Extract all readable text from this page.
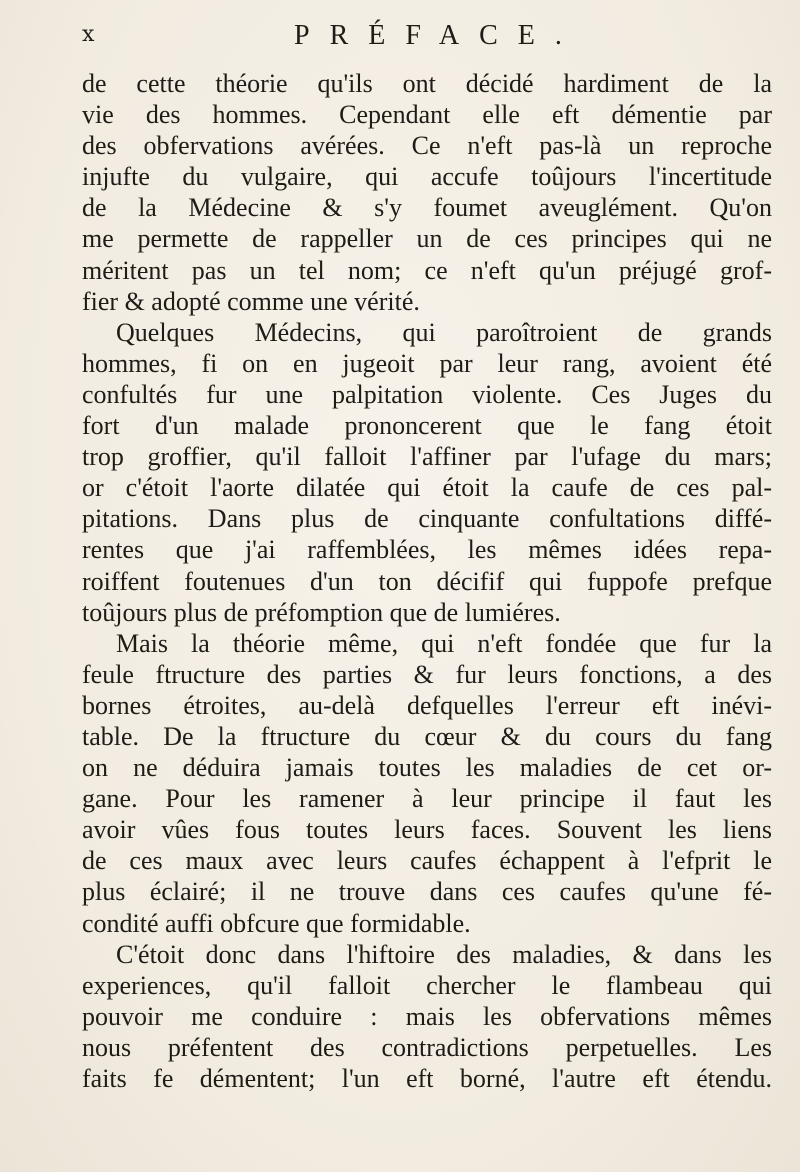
x	PRÉFACE.
de cette théorie qu'ils ont décidé hardiment de la
vie des hommes. Cependant elle eft démentie par
des obfervations avérées. Ce n'eft pas-là un reproche
injufte du vulgaire, qui accufe toûjours l'incertitude
de la Médecine & s'y foumet aveuglément. Qu'on
me permette de rappeller un de ces principes qui ne
méritent pas un tel nom; ce n'eft qu'un préjugé grof-
fier & adopté comme une vérité.
Quelques Médecins, qui paroîtroient de grands
hommes, fi on en jugeoit par leur rang, avoient été
confultés fur une palpitation violente. Ces Juges du
fort d'un malade prononcerent que le fang étoit
trop groffier, qu'il falloit l'affiner par l'ufage du mars;
or c'étoit l'aorte dilatée qui étoit la caufe de ces pal-
pitations. Dans plus de cinquante confultations diffé-
rentes que j'ai raffemblées, les mêmes idées repa-
roiffent foutenues d'un ton décifif qui fuppofe prefque
toûjours plus de préfomption que de lumiéres.
Mais la théorie même, qui n'eft fondée que fur la
feule ftructure des parties & fur leurs fonctions, a des
bornes étroites, au-delà defquelles l'erreur eft inévi-
table. De la ftructure du cœur & du cours du fang
on ne déduira jamais toutes les maladies de cet or-
gane. Pour les ramener à leur principe il faut les
avoir vûes fous toutes leurs faces. Souvent les liens
de ces maux avec leurs caufes échappent à l'efprit le
plus éclairé; il ne trouve dans ces caufes qu'une fé-
condité auffi obfcure que formidable.
C'étoit donc dans l'hiftoire des maladies, & dans les
experiences, qu'il falloit chercher le flambeau qui
pouvoir me conduire : mais les obfervations mêmes
nous préfentent des contradictions perpetuelles. Les
faits fe démentent; l'un eft borné, l'autre eft étendu.
